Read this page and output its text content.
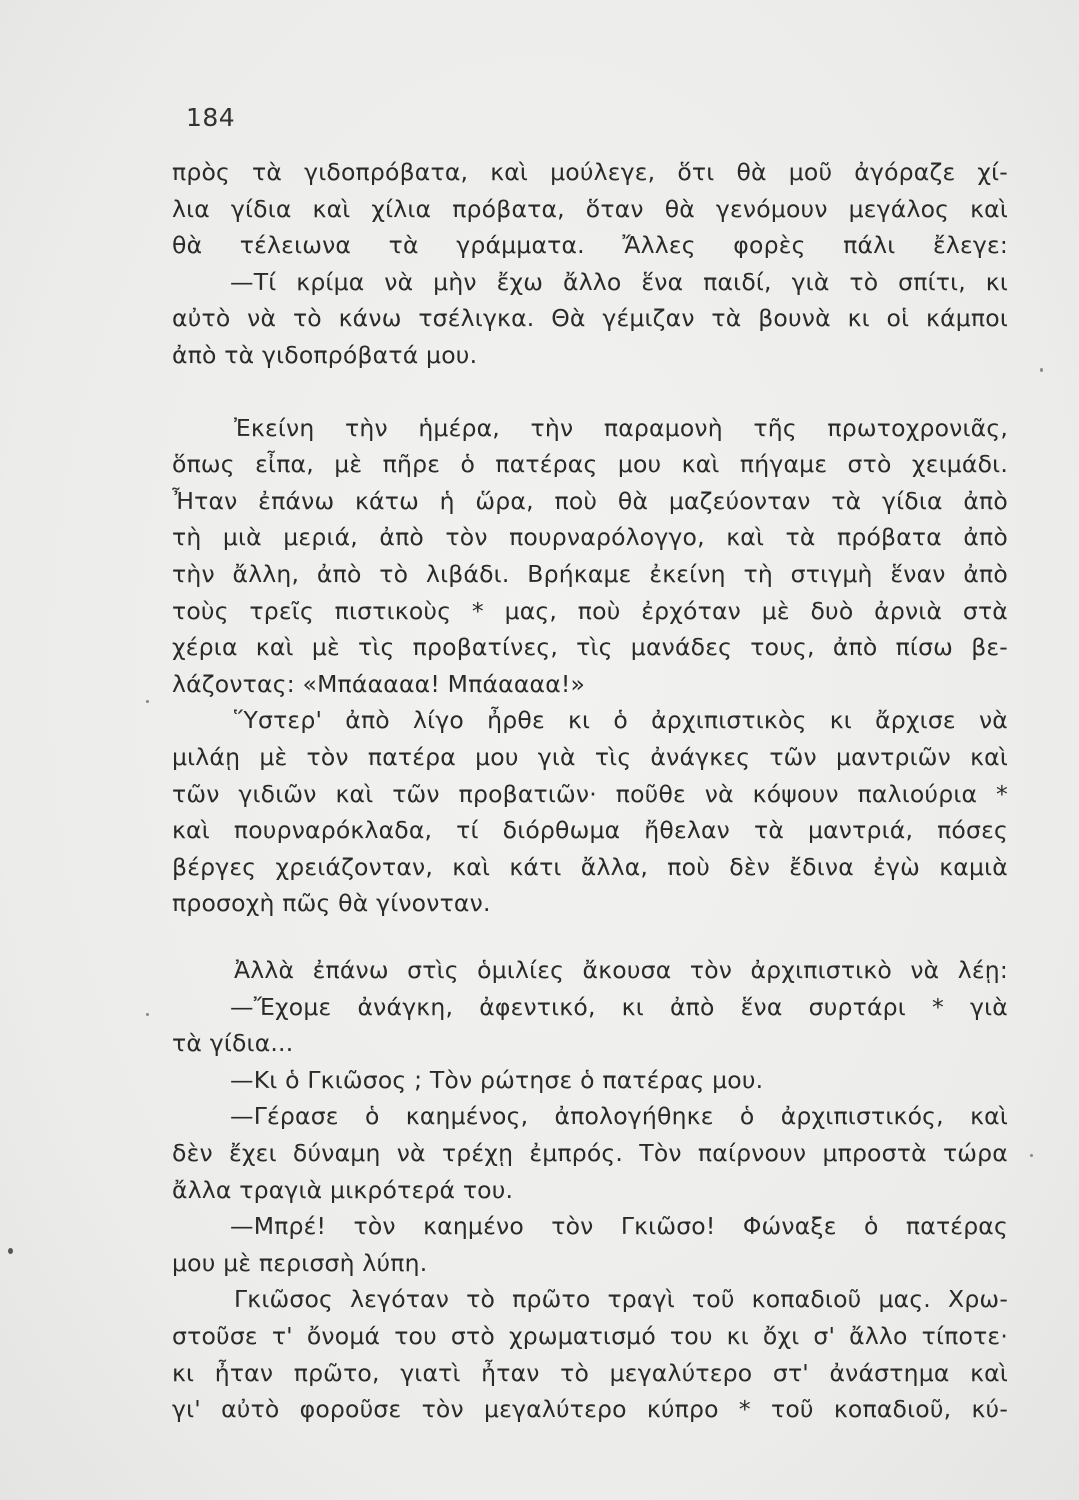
184
πρὸς τὰ γιδοπρόβατα, καὶ μούλεγε, ὅτι θὰ μοῦ ἀγόραζε χί-
λια γίδια καὶ χίλια πρόβατα, ὅταν θὰ γενόμουν μεγάλος καὶ
θὰ τέλειωνα τὰ γράμματα. Ἄλλες φορὲς πάλι ἔλεγε:
—Τί κρίμα νὰ μὴν ἔχω ἄλλο ἕνα παιδί, γιὰ τὸ σπίτι, κι
αὐτὸ νὰ τὸ κάνω τσέλιγκα. Θὰ γέμιζαν τὰ βουνὰ κι οἱ κάμποι
ἀπὸ τὰ γιδοπρόβατά μου.
Ἐκείνη τὴν ἡμέρα, τὴν παραμονὴ τῆς πρωτοχρονιᾶς,
ὅπως εἶπα, μὲ πῆρε ὁ πατέρας μου καὶ πήγαμε στὸ χειμάδι.
Ἦταν ἐπάνω κάτω ἡ ὥρα, ποὺ θὰ μαζεύονταν τὰ γίδια ἀπὸ
τὴ μιὰ μεριά, ἀπὸ τὸν πουρναρόλογγο, καὶ τὰ πρόβατα ἀπὸ
τὴν ἄλλη, ἀπὸ τὸ λιβάδι. Βρήκαμε ἐκείνη τὴ στιγμὴ ἕναν ἀπὸ
τοὺς τρεῖς πιστικοὺς * μας, ποὺ ἐρχόταν μὲ δυὸ ἀρνιὰ στὰ
χέρια καὶ μὲ τὶς προβατίνες, τὶς μανάδες τους, ἀπὸ πίσω βε-
λάζοντας: «Μπάαααα! Μπάαααα!»
Ὕστερ' ἀπὸ λίγο ἦρθε κι ὁ ἀρχιπιστικὸς κι ἄρχισε νὰ
μιλάῃ μὲ τὸν πατέρα μου γιὰ τὶς ἀνάγκες τῶν μαντριῶν καὶ
τῶν γιδιῶν καὶ τῶν προβατιῶν· ποῦθε νὰ κόψουν παλιούρια *
καὶ πουρναρόκλαδα, τί διόρθωμα ἤθελαν τὰ μαντριά, πόσες
βέργες χρειάζονταν, καὶ κάτι ἄλλα, ποὺ δὲν ἔδινα ἐγὼ καμιὰ
προσοχὴ πῶς θὰ γίνονταν.
Ἀλλὰ ἐπάνω στὶς ὁμιλίες ἄκουσα τὸν ἀρχιπιστικὸ νὰ λέῃ:
—Ἔχομε ἀνάγκη, ἀφεντικό, κι ἀπὸ ἕνα συρτάρι * γιὰ
τὰ γίδια...
—Κι ὁ Γκιῶσος ; Τὸν ρώτησε ὁ πατέρας μου.
—Γέρασε ὁ καημένος, ἀπολογήθηκε ὁ ἀρχιπιστικός, καὶ
δὲν ἔχει δύναμη νὰ τρέχῃ ἐμπρός. Τὸν παίρνουν μπροστὰ τώρα
ἄλλα τραγιὰ μικρότερά του.
—Μπρέ! τὸν καημένο τὸν Γκιῶσο! Φώναξε ὁ πατέρας
μου μὲ περισσὴ λύπη.
Γκιῶσος λεγόταν τὸ πρῶτο τραγὶ τοῦ κοπαδιοῦ μας. Χρω-
στοῦσε τ' ὄνομά του στὸ χρωματισμό του κι ὄχι σ' ἄλλο τίποτε·
κι ἦταν πρῶτο, γιατὶ ἦταν τὸ μεγαλύτερο στ' ἀνάστημα καὶ
γι' αὐτὸ φοροῦσε τὸν μεγαλύτερο κύπρο * τοῦ κοπαδιοῦ, κύ-
